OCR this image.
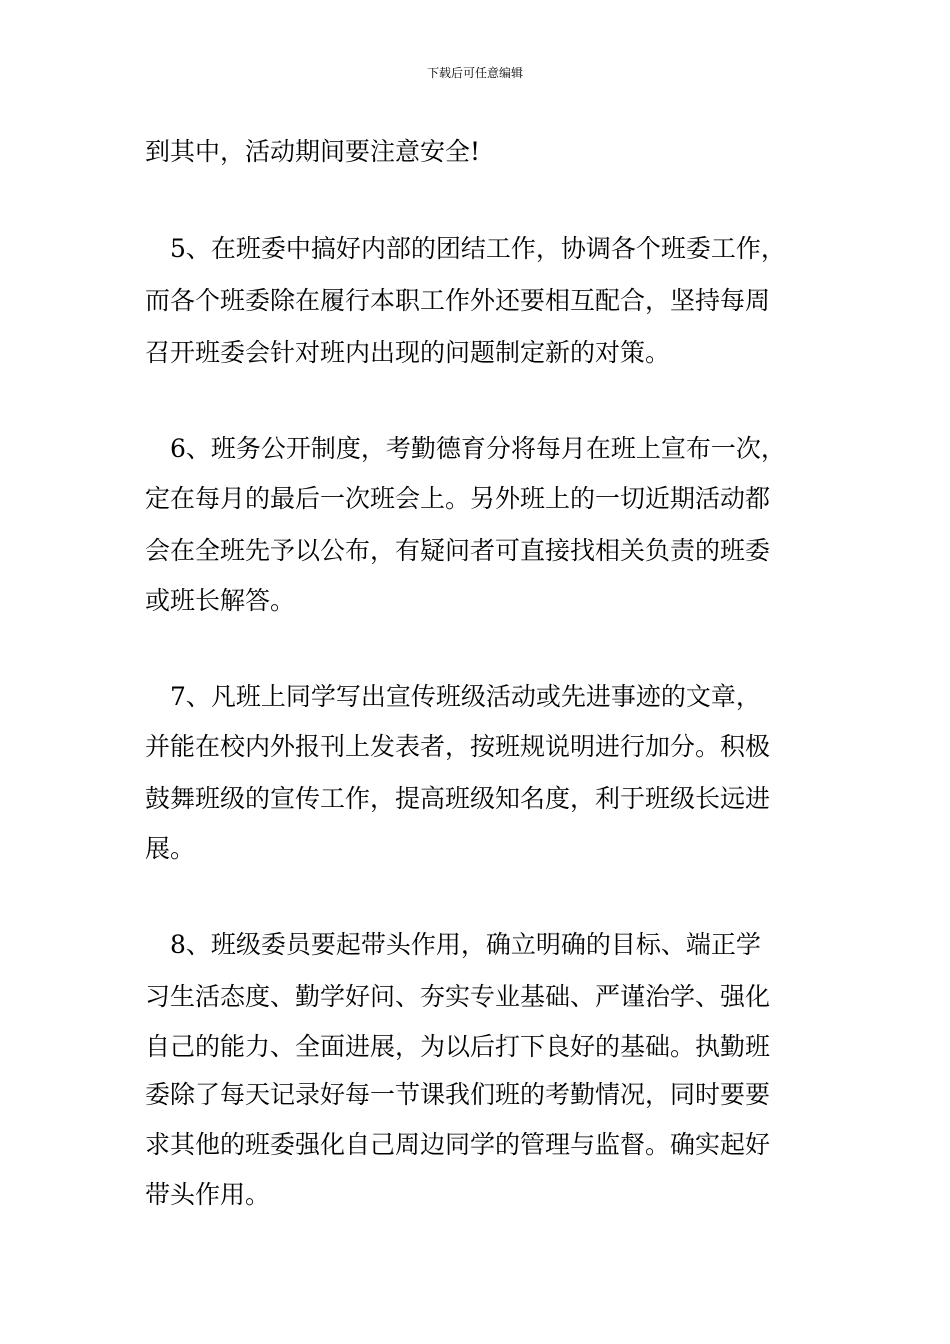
下载后可任意编辑
到其中，活动期间要注意安全!
　5、在班委中搞好内部的团结工作，协调各个班委工作，
而各个班委除在履行本职工作外还要相互配合，坚持每周
召开班委会针对班内出现的问题制定新的对策。
　6、班务公开制度，考勤德育分将每月在班上宣布一次，
定在每月的最后一次班会上。另外班上的一切近期活动都
会在全班先予以公布，有疑问者可直接找相关负责的班委
或班长解答。
　7、凡班上同学写出宣传班级活动或先进事迹的文章，
并能在校内外报刊上发表者，按班规说明进行加分。积极
鼓舞班级的宣传工作，提高班级知名度，利于班级长远进
展。
　8、班级委员要起带头作用，确立明确的目标、端正学
习生活态度、勤学好问、夯实专业基础、严谨治学、强化
自己的能力、全面进展，为以后打下良好的基础。执勤班
委除了每天记录好每一节课我们班的考勤情况，同时要要
求其他的班委强化自己周边同学的管理与监督。确实起好
带头作用。
